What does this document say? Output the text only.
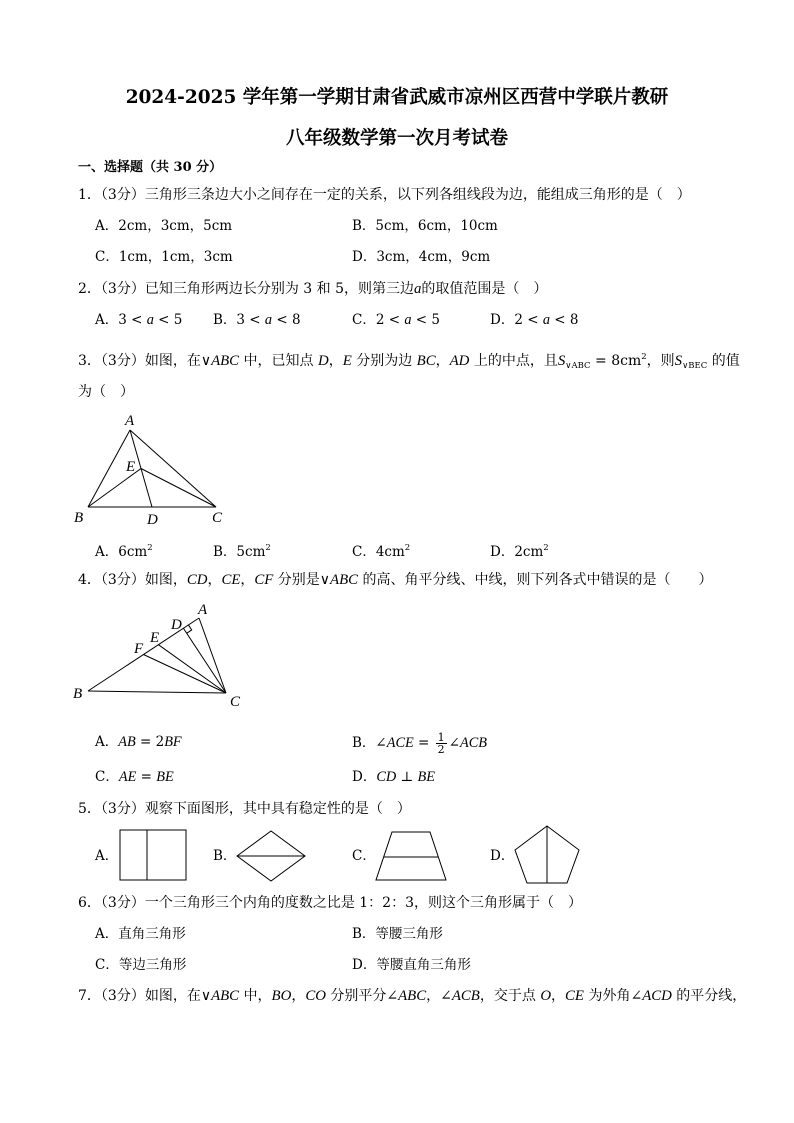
2024-2025 学年第一学期甘肃省武威市凉州区西营中学联片教研
八年级数学第一次月考试卷
一、选择题（共 30 分）
1．（3分）三角形三条边大小之间存在一定的关系，以下列各组线段为边，能组成三角形的是（　）
A．2cm，3cm，5cm	B．5cm，6cm，10cm
C．1cm，1cm，3cm	D．3cm，4cm，9cm
2．（3分）已知三角形两边长分别为 3 和 5，则第三边a的取值范围是（　）
A．3 < a < 5 B．3 < a < 8	C．2 < a < 5	D．2 < a < 8
3．（3分）如图，在∨ABC 中，已知点 D，E 分别为边 BC，AD 上的中点，且$S_{\vee ABC} = 8cm^2$，则$S_{\vee BEC}$ 的值
为（　）
A
E
B	D	C
A．$6cm^2$	B．$5cm^2$	C．$4cm^2$	D．$2cm^2$
4．（3分）如图，CD，CE，CF 分别是∨ABC 的高、角平分线、中线，则下列各式中错误的是（　　）
A
D
E
F
B	C
A．AB = 2BF	B．∠ACE = $\frac{1}{2}$ ∠ACB
C．AE = BE	D．CD ⊥ BE
5．（3分）观察下面图形，其中具有稳定性的是（　）
A．	B．	C．	D．
6．（3分）一个三角形三个内角的度数之比是 1：2：3，则这个三角形属于（　）
A．直角三角形	B．等腰三角形
C．等边三角形	D．等腰直角三角形
7．（3分）如图，在∨ABC 中，BO，CO 分别平分∠ABC，∠ACB，交于点 O，CE 为外角∠ACD 的平分线，
